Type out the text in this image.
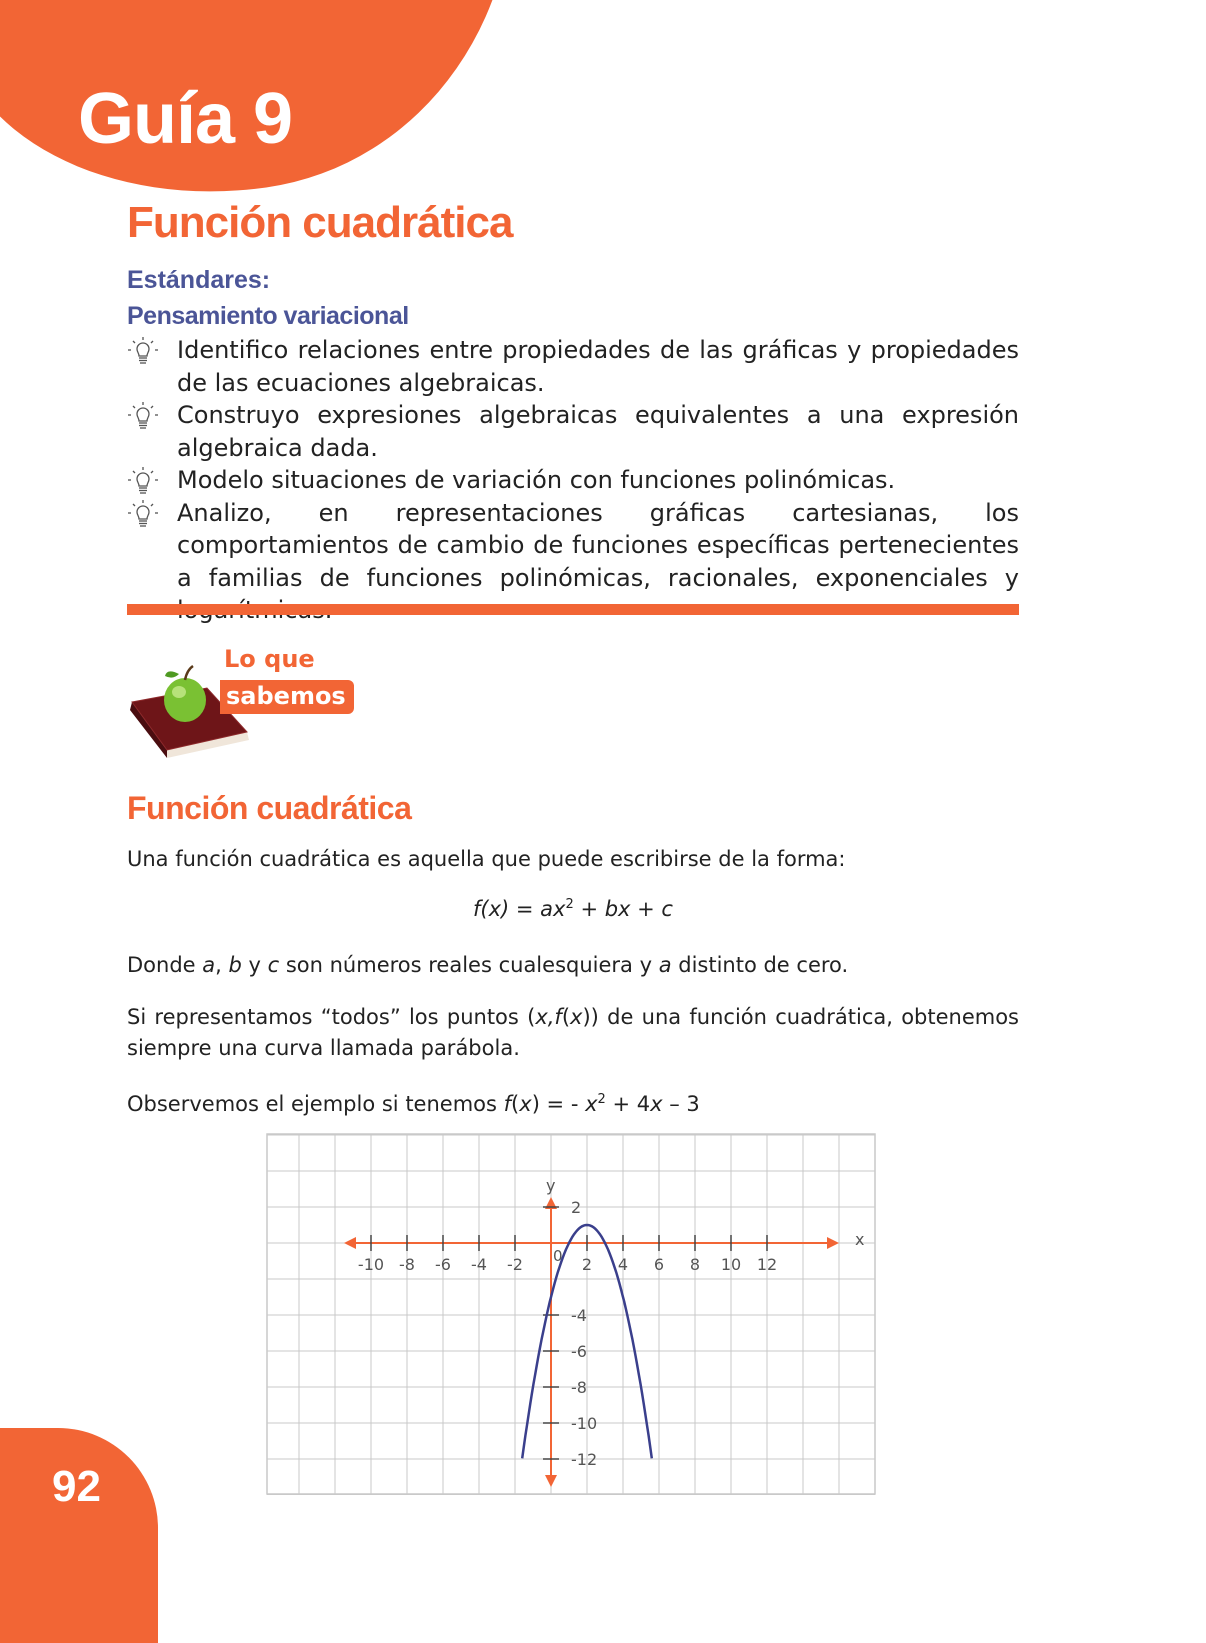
Guía 9
Función cuadrática
Estándares:
Pensamiento variacional
Identifico relaciones entre propiedades de las gráficas y propiedades de las ecuaciones algebraicas.
Construyo expresiones algebraicas equivalentes a una expresión algebraica dada.
Modelo situaciones de variación con funciones polinómicas.
Analizo, en representaciones gráficas cartesianas, los comportamientos de cambio de funciones específicas pertenecientes a familias de funciones polinómicas, racionales, exponenciales y
Lo que
sabemos
Función cuadrática

Una función cuadrática es aquella que puede escribirse de la forma:

$f(x) = ax^2$ + bx + c

Donde a, b y c son números reales cualesquiera y a distinto de cero.

Si representamos “todos” los puntos (x,f(x)) de una función cuadrática, obtenemos siempre una curva llamada parábola.

Observemos el ejemplo si tenemos f(x) = - $x^2 + 4x - 3$

x
y
-10 -8 -6 -4 -2	2 4 6 8 10 12
2
-4
-6
-8
-10
-12
0

92
